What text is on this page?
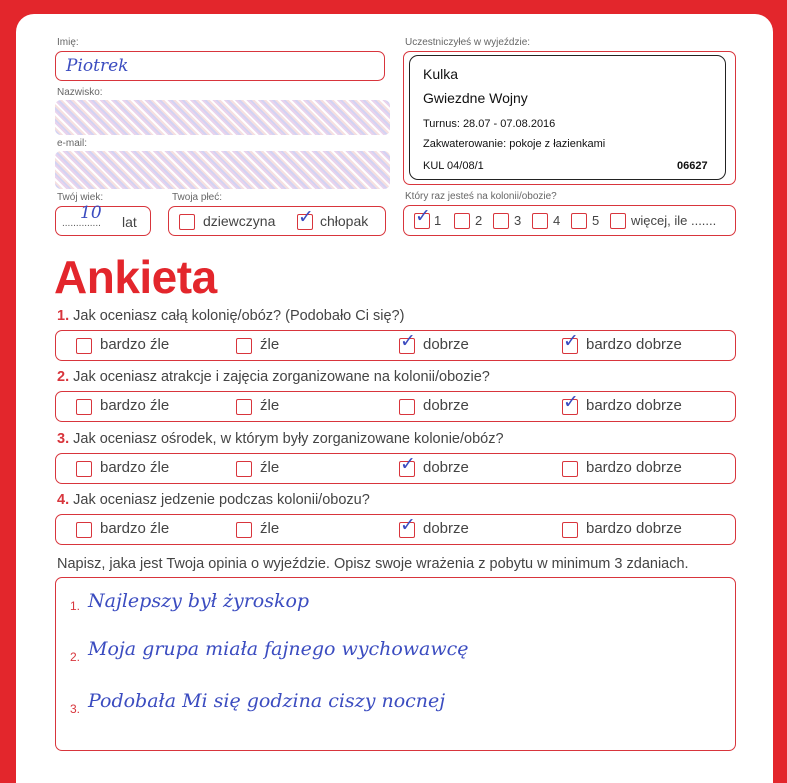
Imię:
Piotrek
Nazwisko:
e-mail:
Twój wiek:
..............
10 lat
Twoja płeć:
dziewczyna ✓ chłopak
Uczestniczyłeś w wyjeździe:
Kulka
Gwiezdne Wojny
Turnus: 28.07 - 07.08.2016
Zakwaterowanie: pokoje z łazienkami
KUL 04/08/1	06627
Który raz jesteś na kolonii/obozie?
✓ 1	2 3 4 5 więcej, ile .......
Ankieta
1. Jak oceniasz całą kolonię/obóz? (Podobało Ci się?)
bardzo źle	źle	✓ dobrze	✓ bardzo dobrze
2. Jak oceniasz atrakcje i zajęcia zorganizowane na kolonii/obozie?
bardzo źle	źle	dobrze	✓ bardzo dobrze
3. Jak oceniasz ośrodek, w którym były zorganizowane kolonie/obóz?
bardzo źle	źle	✓ dobrze	bardzo dobrze
4. Jak oceniasz jedzenie podczas kolonii/obozu?
bardzo źle	źle	✓ dobrze	bardzo dobrze
Napisz, jaka jest Twoja opinia o wyjeździe. Opisz swoje wrażenia z pobytu w minimum 3 zdaniach.
1. Najlepszy był żyroskop
2. Moja grupa miała fajnego wychowawcę
3. Podobała Mi się godzina ciszy nocnej
